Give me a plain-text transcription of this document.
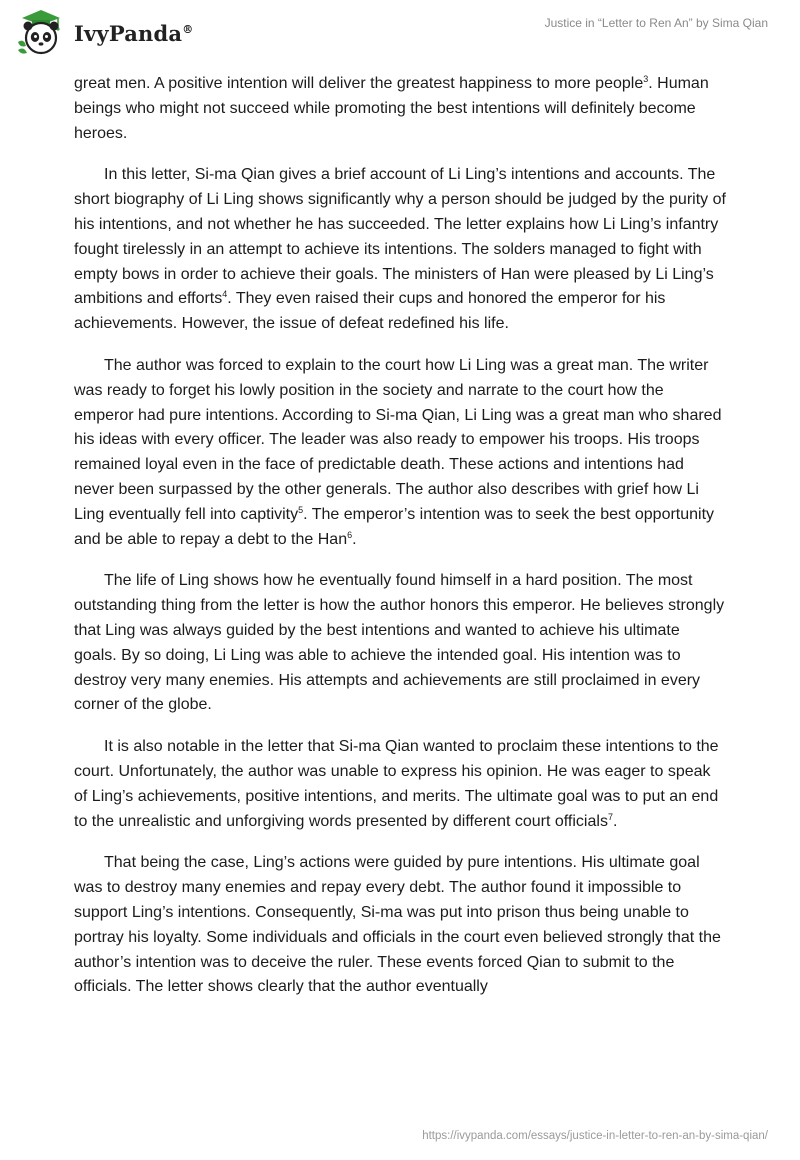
IvyPanda®	Justice in “Letter to Ren An” by Sima Qian

great men. A positive intention will deliver the greatest happiness to more people$^3$. Human beings who might not succeed while promoting the best intentions will definitely become heroes.

In this letter, Si-ma Qian gives a brief account of Li Ling’s intentions and accounts. The short biography of Li Ling shows significantly why a person should be judged by the purity of his intentions, and not whether he has succeeded. The letter explains how Li Ling’s infantry fought tirelessly in an attempt to achieve its intentions. The solders managed to fight with empty bows in order to achieve their goals. The ministers of Han were pleased by Li Ling’s ambitions and efforts$^4$. They even raised their cups and honored the emperor for his achievements. However, the issue of defeat redefined his life.

The author was forced to explain to the court how Li Ling was a great man. The writer was ready to forget his lowly position in the society and narrate to the court how the emperor had pure intentions. According to Si-ma Qian, Li Ling was a great man who shared his ideas with every officer. The leader was also ready to empower his troops. His troops remained loyal even in the face of predictable death. These actions and intentions had never been surpassed by the other generals. The author also describes with grief how Li Ling eventually fell into captivity$^5$. The emperor’s intention was to seek the best opportunity and be able to repay a debt to the Han$^6$.

The life of Ling shows how he eventually found himself in a hard position. The most outstanding thing from the letter is how the author honors this emperor. He believes strongly that Ling was always guided by the best intentions and wanted to achieve his ultimate goals. By so doing, Li Ling was able to achieve the intended goal. His intention was to destroy very many enemies. His attempts and achievements are still proclaimed in every corner of the globe.

It is also notable in the letter that Si-ma Qian wanted to proclaim these intentions to the court. Unfortunately, the author was unable to express his opinion. He was eager to speak of Ling’s achievements, positive intentions, and merits. The ultimate goal was to put an end to the unrealistic and unforgiving words presented by different court officials$^7$.

That being the case, Ling’s actions were guided by pure intentions. His ultimate goal was to destroy many enemies and repay every debt. The author found it impossible to support Ling’s intentions. Consequently, Si-ma was put into prison thus being unable to portray his loyalty. Some individuals and officials in the court even believed strongly that the author’s intention was to deceive the ruler. These events forced Qian to submit to the officials. The letter shows clearly that the author eventually

https://ivypanda.com/essays/justice-in-letter-to-ren-an-by-sima-qian/
